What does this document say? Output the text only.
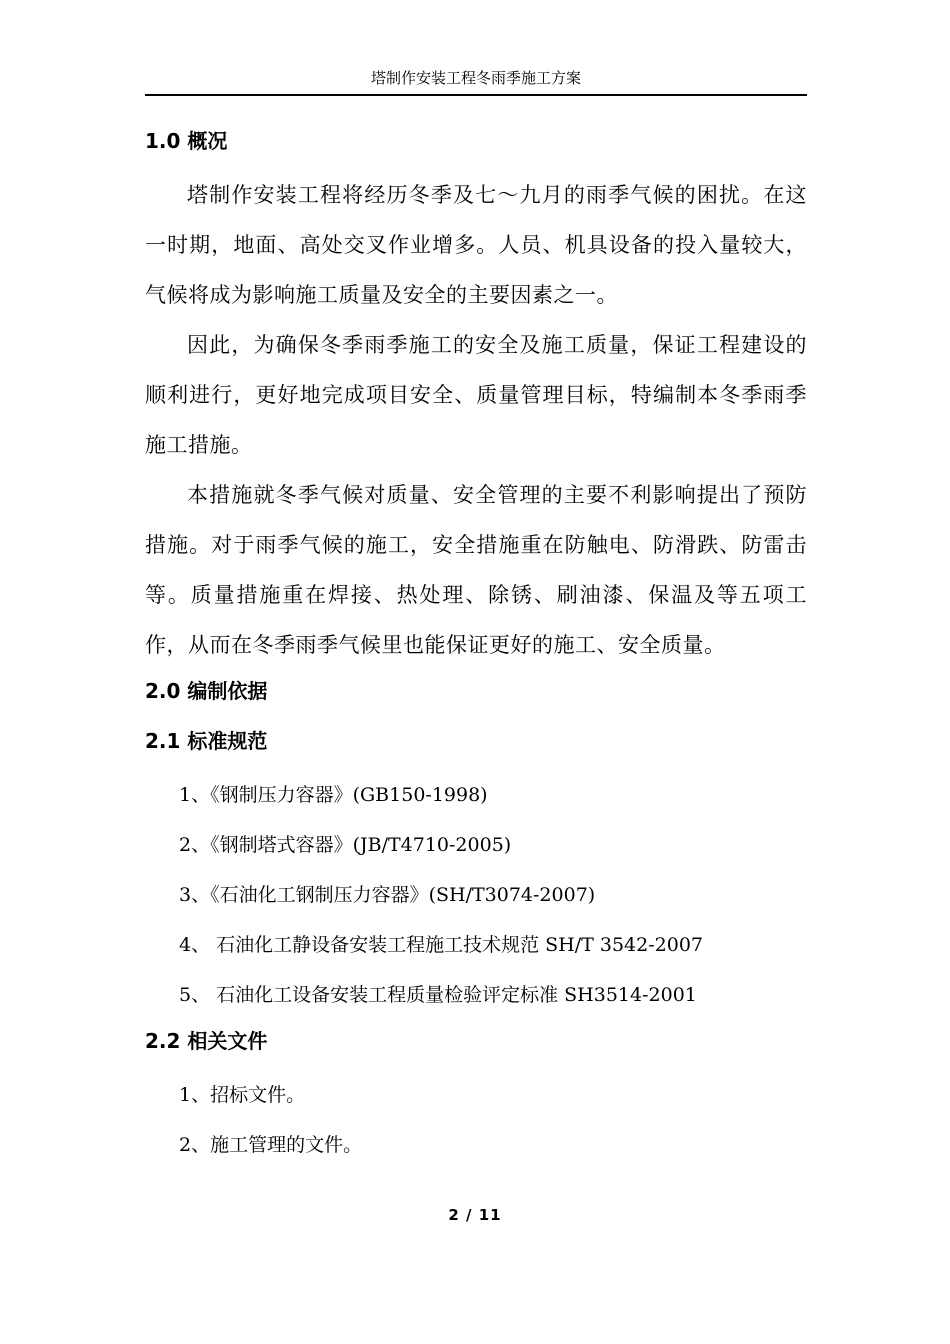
塔制作安装工程冬雨季施工方案
1.0 概况

塔制作安装工程将经历冬季及七～九月的雨季气候的困扰。在这一时期，地面、高处交叉作业增多。人员、机具设备的投入量较大，气候将成为影响施工质量及安全的主要因素之一。

因此，为确保冬季雨季施工的安全及施工质量，保证工程建设的顺利进行，更好地完成项目安全、质量管理目标，特编制本冬季雨季施工措施。

本措施就冬季气候对质量、安全管理的主要不利影响提出了预防措施。对于雨季气候的施工，安全措施重在防触电、防滑跌、防雷击等。质量措施重在焊接、热处理、除锈、刷油漆、保温及等五项工作，从而在冬季雨季气候里也能保证更好的施工、安全质量。

2.0 编制依据
2.1 标准规范

1、《钢制压力容器》(GB150-1998)

2、《钢制塔式容器》(JB/T4710-2005)

3、《石油化工钢制压力容器》(SH/T3074-2007)

4、 石油化工静设备安装工程施工技术规范 SH/T 3542-2007

5、 石油化工设备安装工程质量检验评定标准 SH3514-2001

2.2 相关文件

1、招标文件。

2、施工管理的文件。

2 / 11
